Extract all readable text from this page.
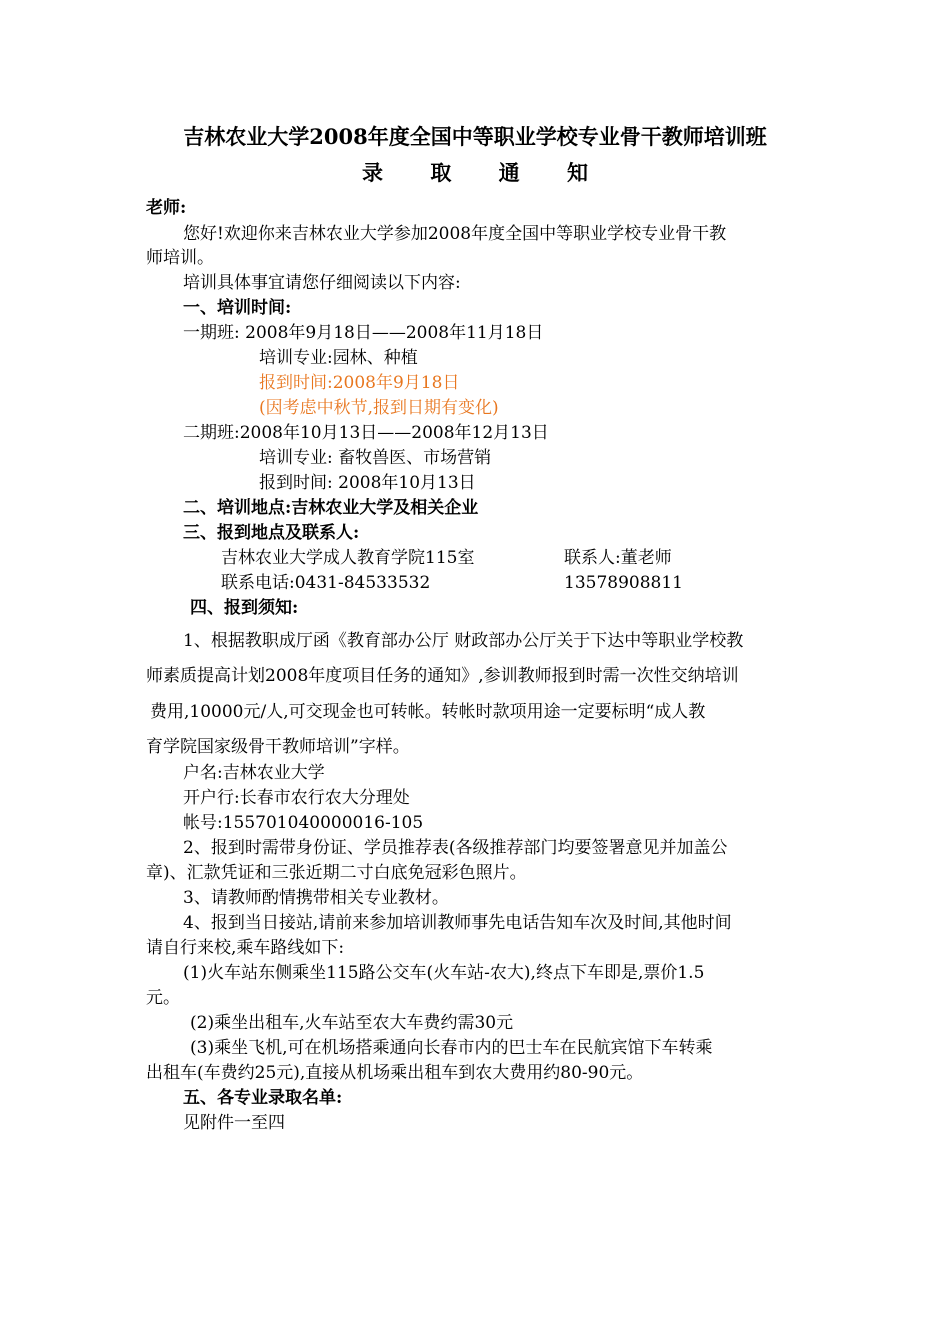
吉林农业大学2008年度全国中等职业学校专业骨干教师培训班
录 取 通 知
老师:
您好!欢迎你来吉林农业大学参加2008年度全国中等职业学校专业骨干教
师培训。
培训具体事宜请您仔细阅读以下内容:
一、培训时间:
一期班: 2008年9月18日——2008年11月18日
培训专业:园林、种植
报到时间:2008年9月18日
(因考虑中秋节,报到日期有变化)
二期班:2008年10月13日——2008年12月13日
培训专业: 畜牧兽医、市场营销
报到时间: 2008年10月13日
二、培训地点:吉林农业大学及相关企业
三、报到地点及联系人:
吉林农业大学成人教育学院115室	联系人:董老师
联系电话:0431-84533532	13578908811
四、报到须知:
1、根据教职成厅函《教育部办公厅 财政部办公厅关于下达中等职业学校教
师素质提高计划2008年度项目任务的通知》,参训教师报到时需一次性交纳培训
费用,10000元/人,可交现金也可转帐。转帐时款项用途一定要标明“成人教
育学院国家级骨干教师培训”字样。
户名:吉林农业大学
开户行:长春市农行农大分理处
帐号:155701040000016-105
2、报到时需带身份证、学员推荐表(各级推荐部门均要签署意见并加盖公
章)、汇款凭证和三张近期二寸白底免冠彩色照片。
3、请教师酌情携带相关专业教材。
4、报到当日接站,请前来参加培训教师事先电话告知车次及时间,其他时间
请自行来校,乘车路线如下:
(1)火车站东侧乘坐115路公交车(火车站-农大),终点下车即是,票价1.5
元。
(2)乘坐出租车,火车站至农大车费约需30元
(3)乘坐飞机,可在机场搭乘通向长春市内的巴士车在民航宾馆下车转乘
出租车(车费约25元),直接从机场乘出租车到农大费用约80-90元。
五、各专业录取名单:
见附件一至四
